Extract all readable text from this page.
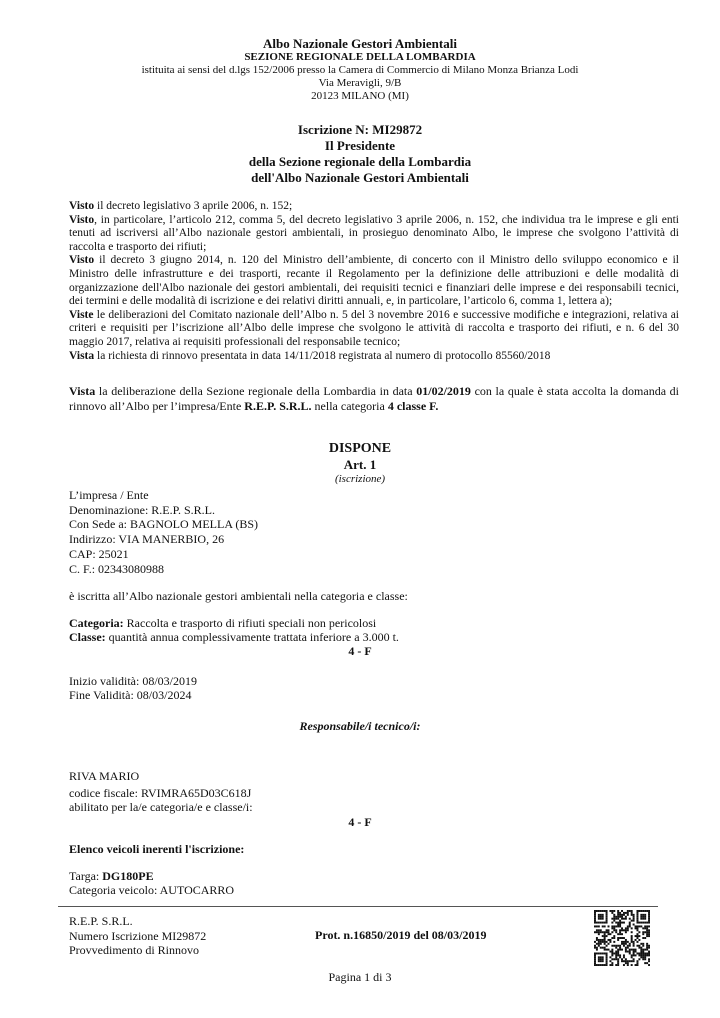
Albo Nazionale Gestori Ambientali
SEZIONE REGIONALE DELLA LOMBARDIA
istituita ai sensi del d.lgs 152/2006 presso la Camera di Commercio di Milano Monza Brianza Lodi
Via Meravigli, 9/B
20123 MILANO (MI)
Iscrizione N: MI29872
Il Presidente
della Sezione regionale della Lombardia
dell'Albo Nazionale Gestori Ambientali
Visto il decreto legislativo 3 aprile 2006, n. 152;
Visto, in particolare, l’articolo 212, comma 5, del decreto legislativo 3 aprile 2006, n. 152, che individua tra le imprese e gli enti tenuti ad iscriversi all’Albo nazionale gestori ambientali, in prosieguo denominato Albo, le imprese che svolgono l’attività di raccolta e trasporto dei rifiuti;
Visto il decreto 3 giugno 2014, n. 120 del Ministro dell’ambiente, di concerto con il Ministro dello sviluppo economico e il Ministro delle infrastrutture e dei trasporti, recante il Regolamento per la definizione delle attribuzioni e delle modalità di organizzazione dell'Albo nazionale dei gestori ambientali, dei requisiti tecnici e finanziari delle imprese e dei responsabili tecnici, dei termini e delle modalità di iscrizione e dei relativi diritti annuali, e, in particolare, l’articolo 6, comma 1, lettera a);
Viste le deliberazioni del Comitato nazionale dell’Albo n. 5 del 3 novembre 2016 e successive modifiche e integrazioni, relativa ai criteri e requisiti per l’iscrizione all’Albo delle imprese che svolgono le attività di raccolta e trasporto dei rifiuti, e n. 6 del 30 maggio 2017, relativa ai requisiti professionali del responsabile tecnico;
Vista la richiesta di rinnovo presentata in data 14/11/2018 registrata al numero di protocollo 85560/2018
Vista la deliberazione della Sezione regionale della Lombardia in data 01/02/2019 con la quale è stata accolta la domanda di rinnovo all’Albo per l’impresa/Ente R.E.P. S.R.L. nella categoria 4 classe F.
DISPONE
Art. 1
(iscrizione)
L’impresa / Ente
Denominazione: R.E.P. S.R.L.
Con Sede a: BAGNOLO MELLA (BS)
Indirizzo: VIA MANERBIO, 26
CAP: 25021
C. F.: 02343080988
è iscritta all’Albo nazionale gestori ambientali nella categoria e classe:
Categoria: Raccolta e trasporto di rifiuti speciali non pericolosi
Classe: quantità annua complessivamente trattata inferiore a 3.000 t.
4 - F
Inizio validità: 08/03/2019
Fine Validità: 08/03/2024
Responsabile/i tecnico/i:
RIVA MARIO
codice fiscale: RVIMRA65D03C618J
abilitato per la/e categoria/e e classe/i:
4 - F
Elenco veicoli inerenti l'iscrizione:
Targa: DG180PE
Categoria veicolo: AUTOCARRO
R.E.P. S.R.L.
Numero Iscrizione MI29872
Provvedimento di Rinnovo
Prot. n.16850/2019 del 08/03/2019
Pagina 1 di 3
